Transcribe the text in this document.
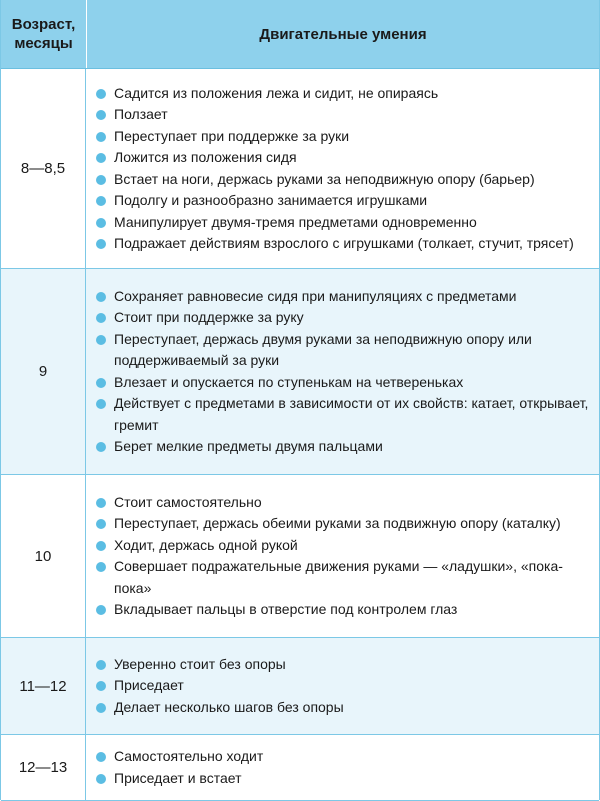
Возраст,
месяцы
Двигательные умения
8—8,5
Садится из положения лежа и сидит, не опираясь
Ползает
Переступает при поддержке за руки
Ложится из положения сидя
Встает на ноги, держась руками за неподвижную опору (барьер)
Подолгу и разнообразно занимается игрушками
Манипулирует двумя-тремя предметами одновременно
Подражает действиям взрослого с игрушками (толкает, стучит, трясет)
9
Сохраняет равновесие сидя при манипуляциях с предметами
Стоит при поддержке за руку
Переступает, держась двумя руками за неподвижную опору или поддерживаемый за руки
Влезает и опускается по ступенькам на четвереньках
Действует с предметами в зависимости от их свойств: катает, открывает, гремит
Берет мелкие предметы двумя пальцами
10
Стоит самостоятельно
Переступает, держась обеими руками за подвижную опору (каталку)
Ходит, держась одной рукой
Совершает подражательные движения руками — «ладушки», «пока-пока»
Вкладывает пальцы в отверстие под контролем глаз
11—12
Уверенно стоит без опоры
Приседает
Делает несколько шагов без опоры
12—13
Самостоятельно ходит
Приседает и встает
